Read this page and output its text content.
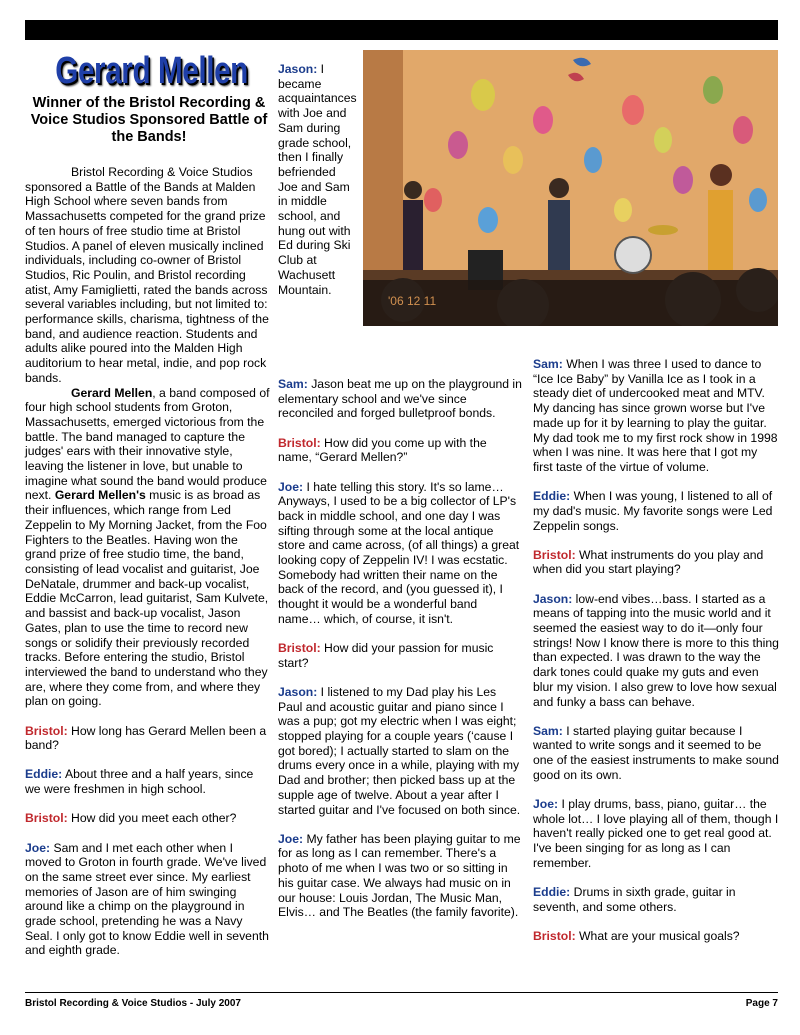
Gerard Mellen
Winner of the Bristol Recording & Voice Studios Sponsored Battle of the Bands!

Bristol Recording & Voice Studios sponsored a Battle of the Bands at Malden High School where seven bands from Massachusetts competed for the grand prize of ten hours of free studio time at Bristol Studios. A panel of eleven musically inclined individuals, including co-owner of Bristol Studios, Ric Poulin, and Bristol recording atist, Amy Famiglietti, rated the bands across several variables including, but not limited to: performance skills, charisma, tightness of the band, and audience reaction. Students and adults alike poured into the Malden High auditorium to hear metal, indie, and pop rock bands.

Gerard Mellen, a band composed of four high school students from Groton, Massachusetts, emerged victorious from the battle. The band managed to capture the judges' ears with their innovative style, leaving the listener in love, but unable to imagine what sound the band would produce next. Gerard Mellen's music is as broad as their influences, which range from Led Zeppelin to My Morning Jacket, from the Foo Fighters to the Beatles. Having won the grand prize of free studio time, the band, consisting of lead vocalist and guitarist, Joe DeNatale, drummer and back-up vocalist, Eddie McCarron, lead guitarist, Sam Kulvete, and bassist and back-up vocalist, Jason Gates, plan to use the time to record new songs or solidify their previously recorded tracks. Before entering the studio, Bristol interviewed the band to understand who they are, where they come from, and where they plan on going.

Bristol: How long has Gerard Mellen been a band?

Eddie: About three and a half years, since we were freshmen in high school.

Bristol: How did you meet each other?

Joe: Sam and I met each other when I moved to Groton in fourth grade. We've lived on the same street ever since. My earliest memories of Jason are of him swinging around like a chimp on the playground in grade school, pretending he was a Navy Seal. I only got to know Eddie well in seventh and eighth grade.

Jason: I became acquaintances with Joe and Sam during grade school, then I finally befriended Joe and Sam in middle school, and hung out with Ed during Ski Club at Wachusett Mountain.

Sam: Jason beat me up on the playground in elementary school and we've since reconciled and forged bulletproof bonds.

Bristol: How did you come up with the name, “Gerard Mellen?”

Joe: I hate telling this story. It's so lame…Anyways, I used to be a big collector of LP's back in middle school, and one day I was sifting through some at the local antique store and came across, (of all things) a great looking copy of Zeppelin IV! I was ecstatic. Somebody had written their name on the back of the record, and (you guessed it), I thought it would be a wonderful band name… which, of course, it isn't.

Bristol: How did your passion for music start?

Jason: I listened to my Dad play his Les Paul and acoustic guitar and piano since I was a pup; got my electric when I was eight; stopped playing for a couple years (‘cause I got bored); I actually started to slam on the drums every once in a while, playing with my Dad and brother; then picked bass up at the supple age of twelve. About a year after I started guitar and I've focused on both since.

Joe: My father has been playing guitar to me for as long as I can remember. There's a photo of me when I was two or so sitting in his guitar case. We always had music on in our house: Louis Jordan, The Music Man, Elvis… and The Beatles (the family favorite).

'06 12 11

Sam: When I was three I used to dance to “Ice Ice Baby” by Vanilla Ice as I took in a steady diet of undercooked meat and MTV. My dancing has since grown worse but I've made up for it by learning to play the guitar. My dad took me to my first rock show in 1998 when I was nine. It was here that I got my first taste of the virtue of volume.

Eddie: When I was young, I listened to all of my dad's music. My favorite songs were Led Zeppelin songs.

Bristol: What instruments do you play and when did you start playing?

Jason: low-end vibes…bass. I started as a means of tapping into the music world and it seemed the easiest way to do it—only four strings! Now I know there is more to this thing than expected. I was drawn to the way the dark tones could quake my guts and even blur my vision. I also grew to love how sexual and funky a bass can behave.

Sam: I started playing guitar because I wanted to write songs and it seemed to be one of the easiest instruments to make sound good on its own.

Joe: I play drums, bass, piano, guitar… the whole lot… I love playing all of them, though I haven't really picked one to get real good at. I've been singing for as long as I can remember.

Eddie: Drums in sixth grade, guitar in seventh, and some others.

Bristol: What are your musical goals?

Bristol Recording & Voice Studios - July 2007	Page 7
